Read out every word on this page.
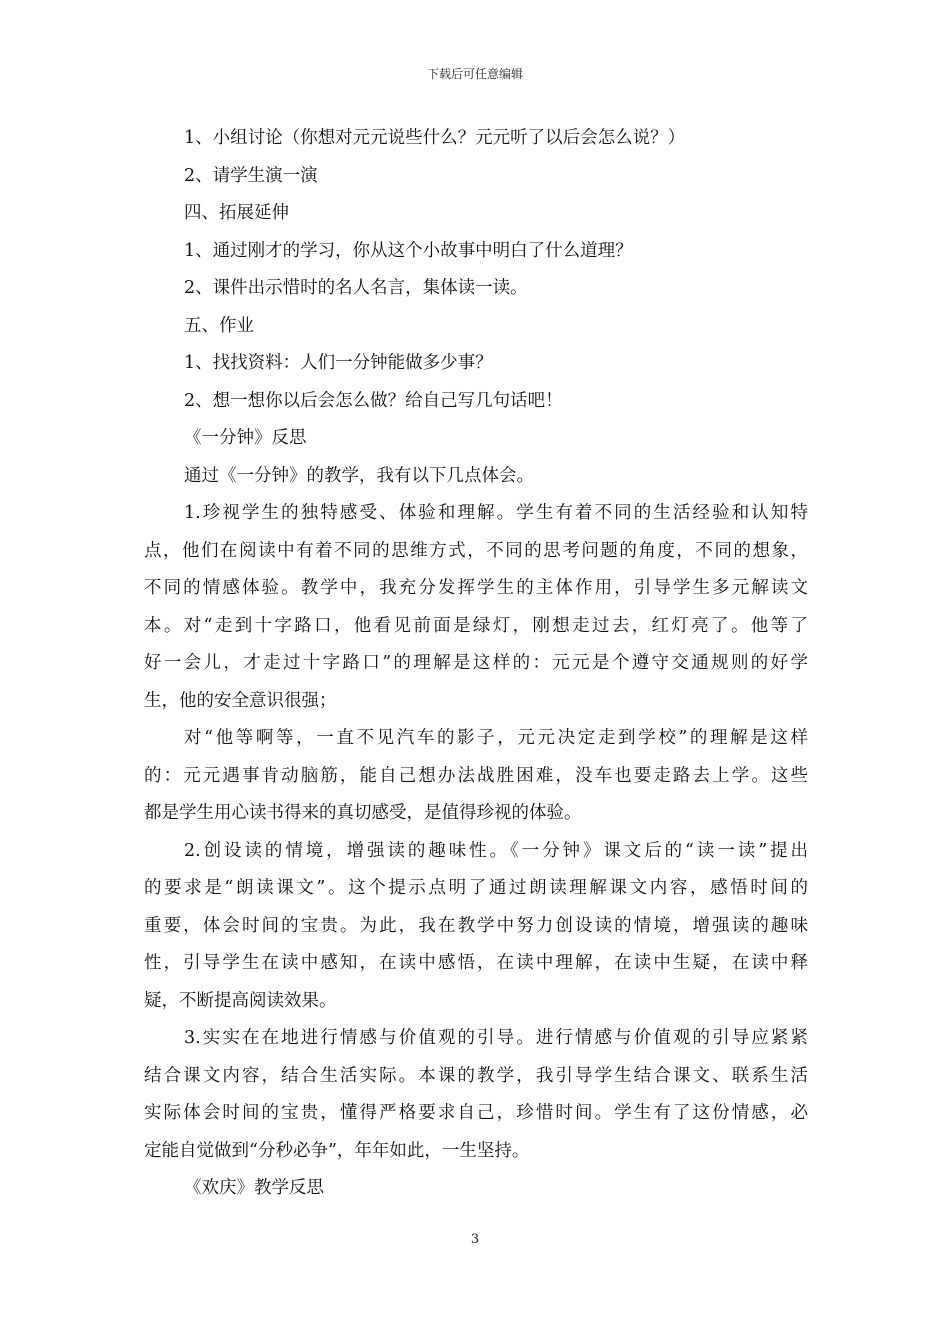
下载后可任意编辑
1、小组讨论（你想对元元说些什么？元元听了以后会怎么说？）
2、请学生演一演
四、拓展延伸
1、通过刚才的学习，你从这个小故事中明白了什么道理？
2、课件出示惜时的名人名言，集体读一读。
五、作业
1、找找资料：人们一分钟能做多少事？
2、想一想你以后会怎么做？给自己写几句话吧！
《一分钟》反思
通过《一分钟》的教学，我有以下几点体会。
1.珍视学生的独特感受、体验和理解。学生有着不同的生活经验和认知特
点，他们在阅读中有着不同的思维方式，不同的思考问题的角度，不同的想象，
不同的情感体验。教学中，我充分发挥学生的主体作用，引导学生多元解读文
本。对“走到十字路口，他看见前面是绿灯，刚想走过去，红灯亮了。他等了
好一会儿，才走过十字路口”的理解是这样的：元元是个遵守交通规则的好学
生，他的安全意识很强；
对“他等啊等，一直不见汽车的影子，元元决定走到学校”的理解是这样
的：元元遇事肯动脑筋，能自己想办法战胜困难，没车也要走路去上学。这些
都是学生用心读书得来的真切感受，是值得珍视的体验。
2.创设读的情境，增强读的趣味性。《一分钟》课文后的“读一读”提出
的要求是“朗读课文”。这个提示点明了通过朗读理解课文内容，感悟时间的
重要，体会时间的宝贵。为此，我在教学中努力创设读的情境，增强读的趣味
性，引导学生在读中感知，在读中感悟，在读中理解，在读中生疑，在读中释
疑，不断提高阅读效果。
3.实实在在地进行情感与价值观的引导。进行情感与价值观的引导应紧紧
结合课文内容，结合生活实际。本课的教学，我引导学生结合课文、联系生活
实际体会时间的宝贵，懂得严格要求自己，珍惜时间。学生有了这份情感，必
定能自觉做到“分秒必争”，年年如此，一生坚持。
《欢庆》教学反思
3
